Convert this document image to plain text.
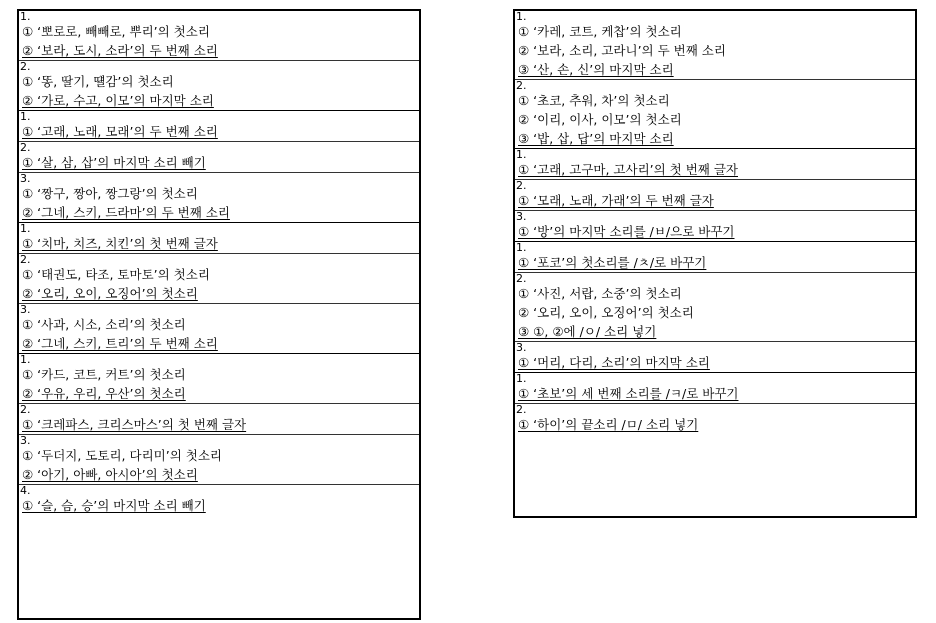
1.
① ‘뽀로로, 빼빼로, 뿌리’의 첫소리
② ‘보라, 도시, 소라’의 두 번째 소리
2.
① ‘똥, 딸기, 떌감’의 첫소리
② ‘가로, 수고, 이모’의 마지막 소리
1.
① ‘고래, 노래, 모래’의 두 번째 소리
2.
① ‘살, 삼, 삽’의 마지막 소리 빼기
3.
① ‘짱구, 짱아, 짱그랑’의 첫소리
② ‘그네, 스키, 드라마’의 두 번째 소리
1.
① ‘치마, 치즈, 치킨’의 첫 번째 글자
2.
① ‘태권도, 타조, 토마토’의 첫소리
② ‘오리, 오이, 오징어’의 첫소리
3.
① ‘사과, 시소, 소리’의 첫소리
② ‘그네, 스키, 트리’의 두 번째 소리
1.
① ‘카드, 코트, 커트’의 첫소리
② ‘우유, 우리, 우산’의 첫소리
2.
① ‘크레파스, 크리스마스’의 첫 번째 글자
3.
① ‘두더지, 도토리, 다리미’의 첫소리
② ‘아기, 아빠, 아시아’의 첫소리
4.
① ‘슬, 슴, 승’의 마지막 소리 빼기
1.
① ‘카레, 코트, 케찹’의 첫소리
② ‘보라, 소리, 고라니’의 두 번째 소리
③ ‘산, 손, 신’의 마지막 소리
2.
① ‘초코, 추워, 차’의 첫소리
② ‘이리, 이사, 이모’의 첫소리
③ ‘밥, 삽, 답’의 마지막 소리
1.
① ‘고래, 고구마, 고사리’의 첫 번째 글자
2.
① ‘모래, 노래, 가래’의 두 번째 글자
3.
① ‘방’의 마지막 소리를 /ㅂ/으로 바꾸기
1.
① ‘포코’의 첫소리를 /ㅊ/로 바꾸기
2.
① ‘사진, 서랍, 소중’의 첫소리
② ‘오리, 오이, 오징어’의 첫소리
③ ①, ②에 /ㅇ/ 소리 넣기
3.
① ‘머리, 다리, 소리’의 마지막 소리
1.
① ‘초보’의 세 번째 소리를 /ㅋ/로 바꾸기
2.
① ‘하이’의 끝소리 /ㅁ/ 소리 넣기
